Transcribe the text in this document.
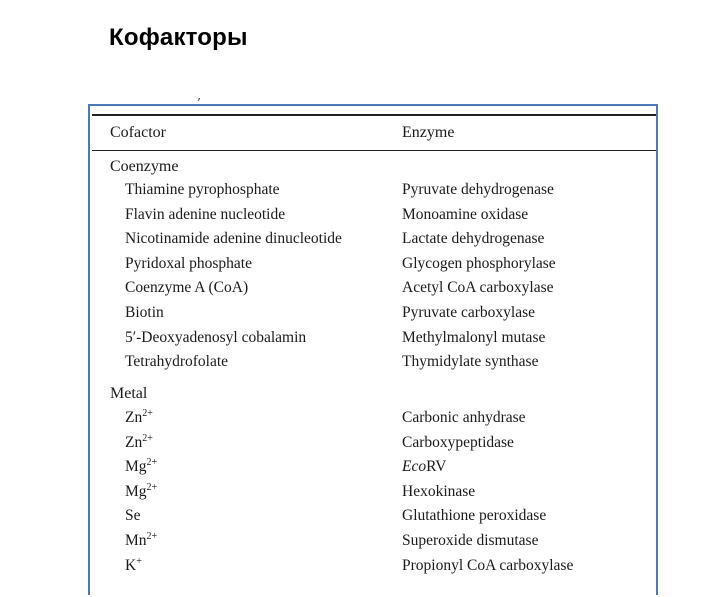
Кофакторы
’
Cofactor	Enzyme
Coenzyme
Thiamine pyrophosphate	Pyruvate dehydrogenase
Flavin adenine nucleotide	Monoamine oxidase
Nicotinamide adenine dinucleotide	Lactate dehydrogenase
Pyridoxal phosphate	Glycogen phosphorylase
Coenzyme A (CoA)	Acetyl CoA carboxylase
Biotin	Pyruvate carboxylase
5′-Deoxyadenosyl cobalamin	Methylmalonyl mutase
Tetrahydrofolate	Thymidylate synthase
Metal
$Zn^{2+}$	Carbonic anhydrase
$Zn^{2+}$	Carboxypeptidase
$Mg^{2+}$	EcoRV
$Mg^{2+}$	Hexokinase
Se	Glutathione peroxidase
$Mn^{2+}$	Superoxide dismutase
K+	Propionyl CoA carboxylase
